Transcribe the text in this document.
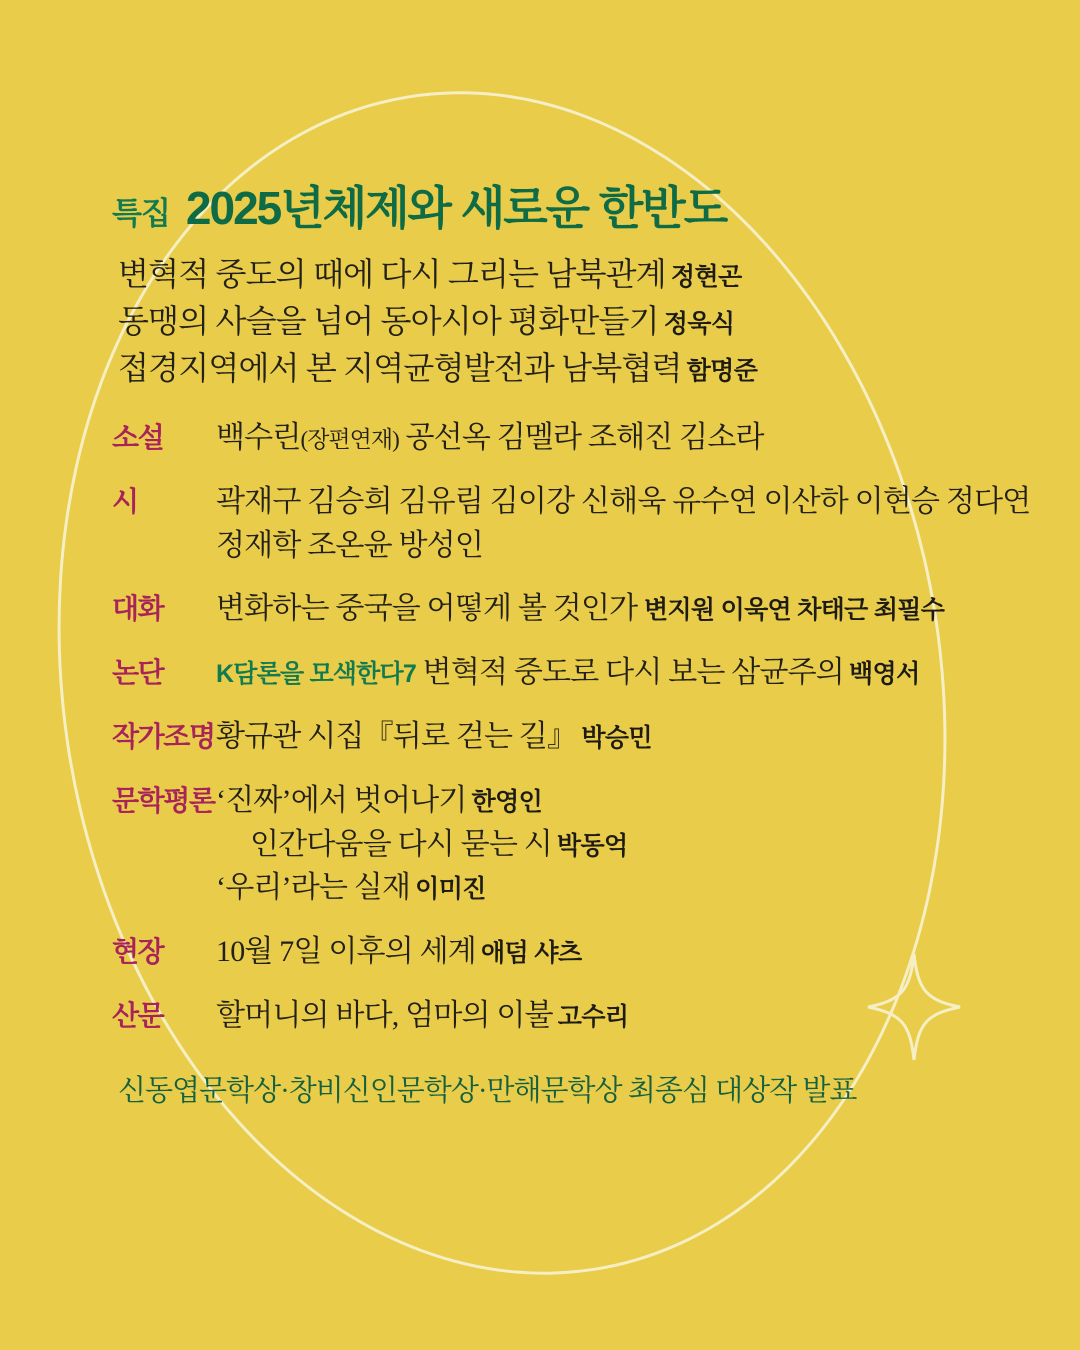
특집 2025년체제와 새로운 한반도
변혁적 중도의 때에 다시 그리는 남북관계 정현곤
동맹의 사슬을 넘어 동아시아 평화만들기 정욱식
접경지역에서 본 지역균형발전과 남북협력 함명준
소설	백수린(장편연재) 공선옥 김멜라 조해진 김소라
시	곽재구 김승희 김유림 김이강 신해욱 유수연 이산하 이현승 정다연
정재학 조온윤 방성인
대화	변화하는 중국을 어떻게 볼 것인가 변지원 이욱연 차태근 최필수
논단	K담론을 모색한다7 변혁적 중도로 다시 보는 삼균주의 백영서
작가조명 황규관 시집『뒤로 걷는 길』 박승민
문학평론 ‘진짜’에서 벗어나기 한영인
인간다움을 다시 묻는 시 박동억
‘우리’라는 실재 이미진
현장	10월 7일 이후의 세계 애덤 샤츠
산문	할머니의 바다, 엄마의 이불 고수리
신동엽문학상·창비신인문학상·만해문학상 최종심 대상작 발표
